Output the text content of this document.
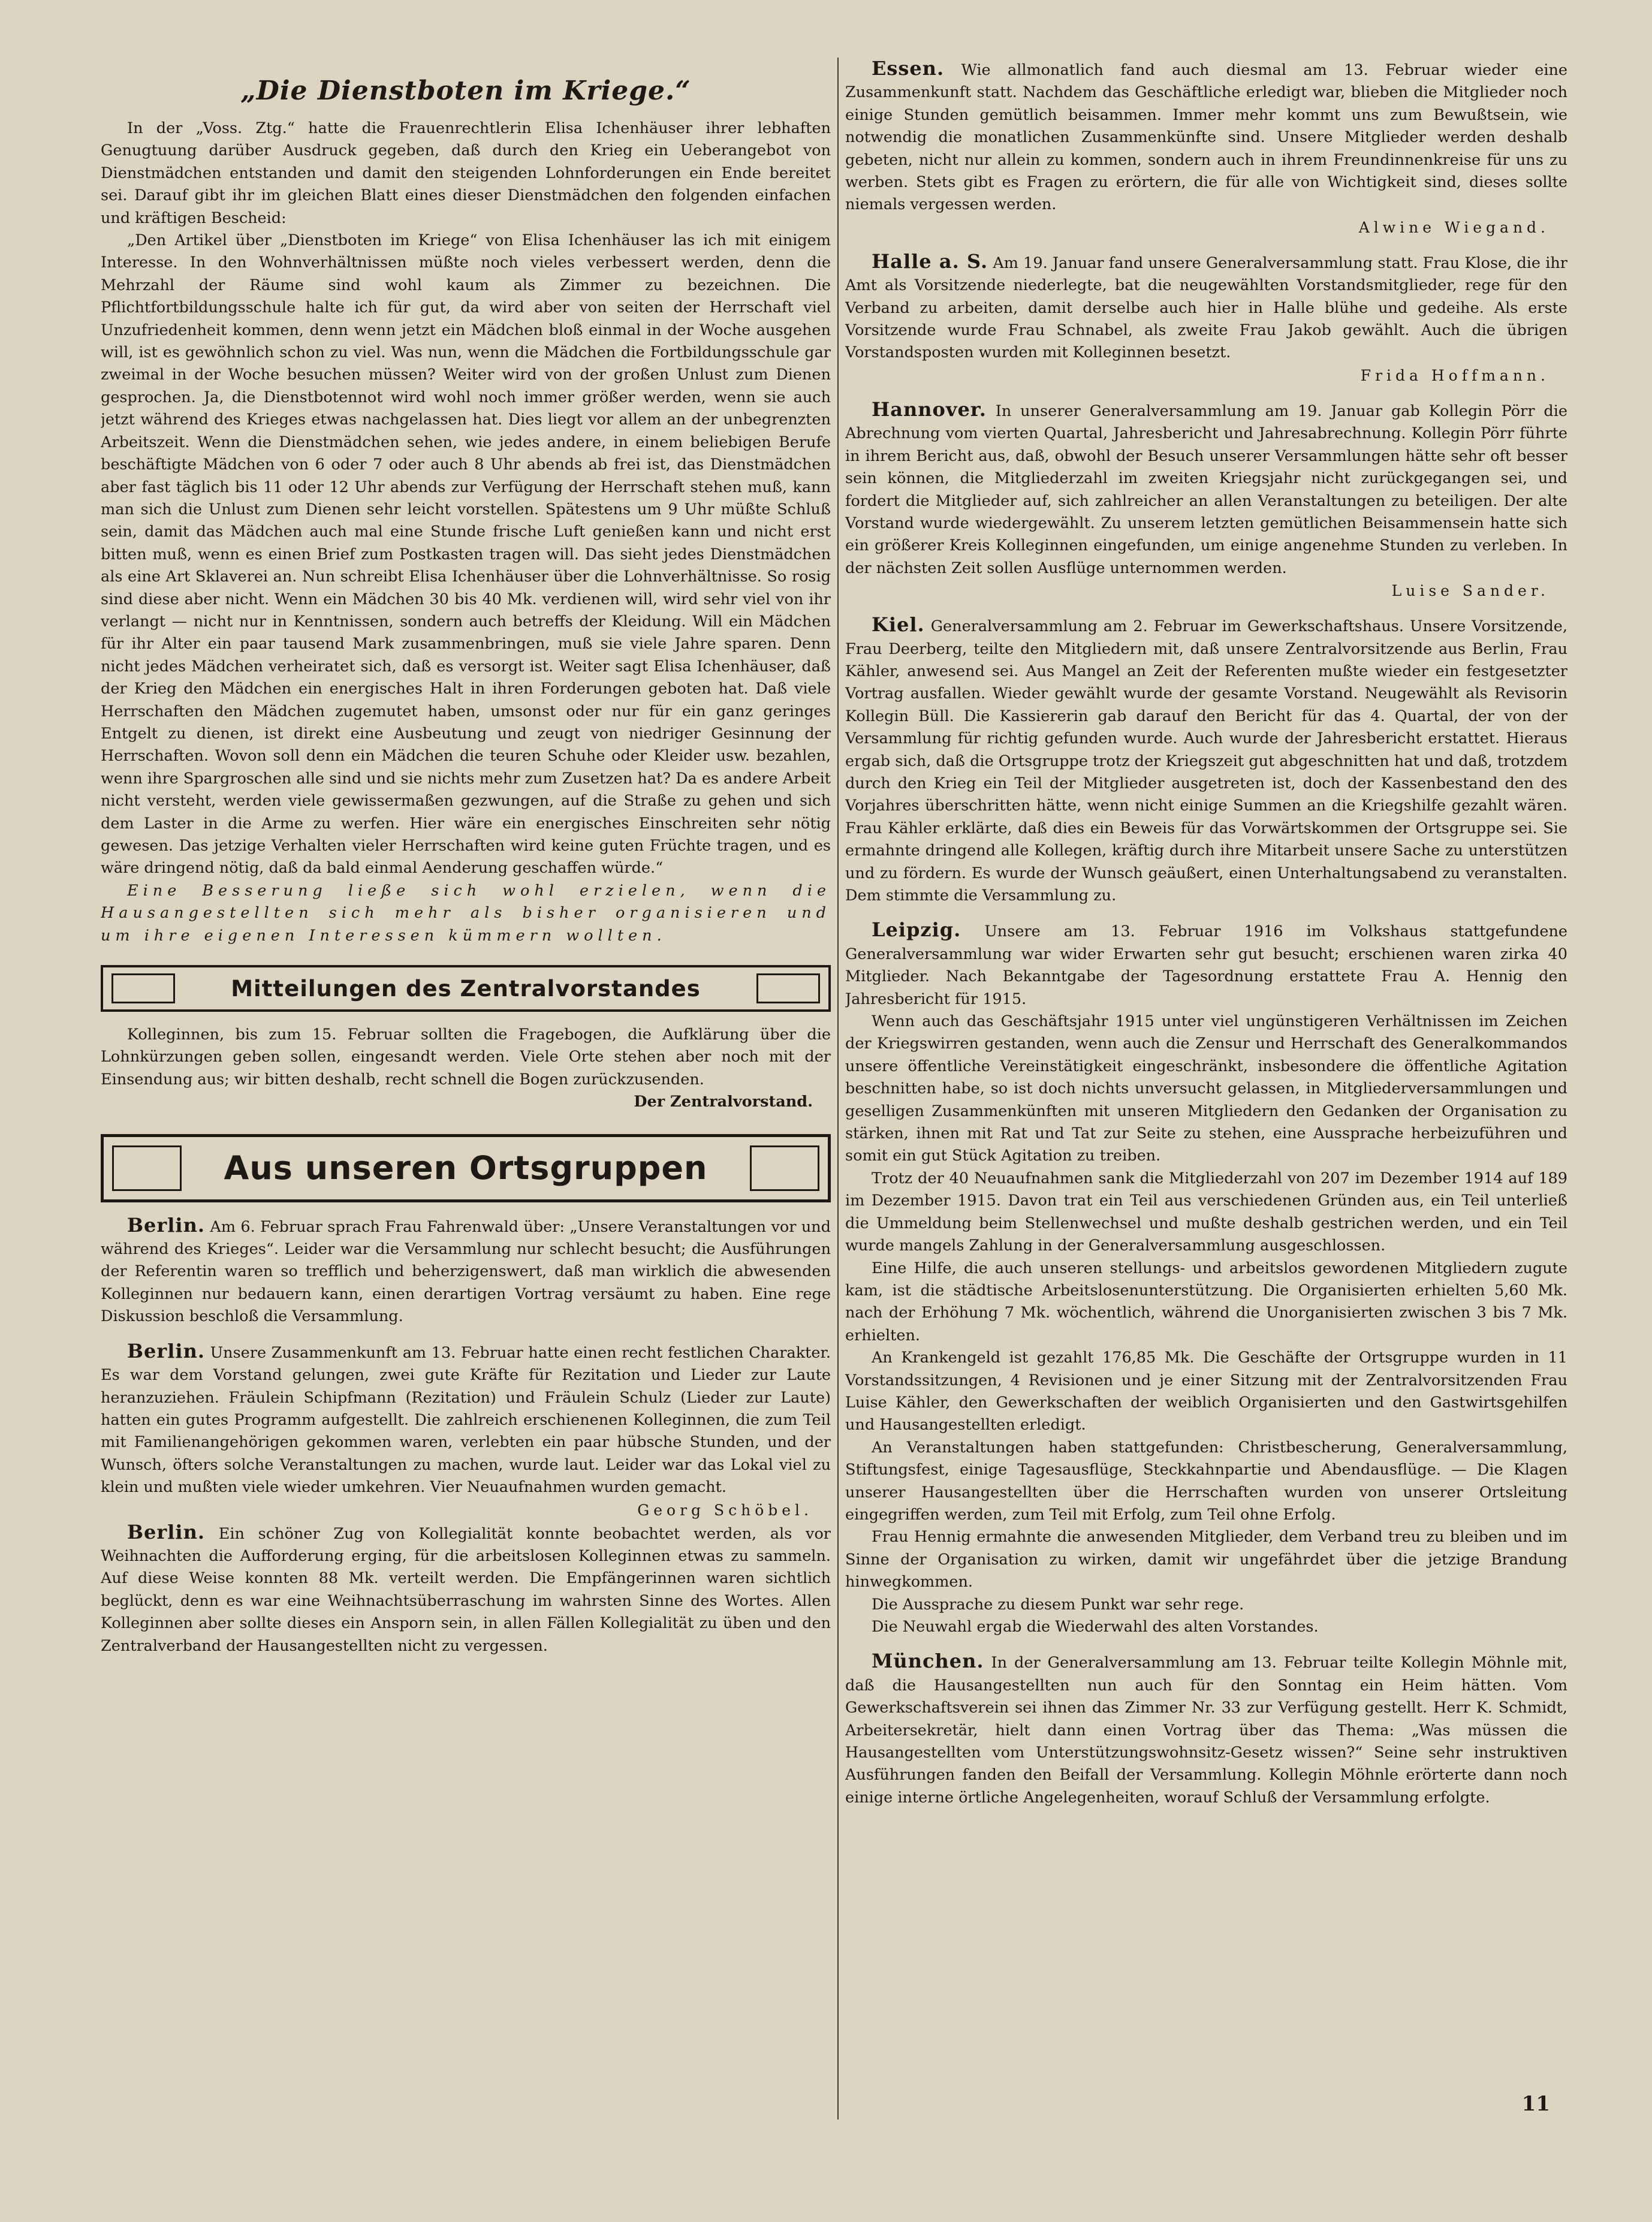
„Die Dienstboten im Kriege.“

In der „Voss. Ztg.“ hatte die Frauenrechtlerin Elisa Ichenhäuser ihrer lebhaften Genugtuung darüber Ausdruck gegeben, daß durch den Krieg ein Ueberangebot von Dienstmädchen entstanden und damit den steigenden Lohnforderungen ein Ende bereitet sei. Darauf gibt ihr im gleichen Blatt eines dieser Dienstmädchen den folgenden einfachen und kräftigen Bescheid:

„Den Artikel über „Dienstboten im Kriege“ von Elisa Ichenhäuser las ich mit einigem Interesse. In den Wohnverhältnissen müßte noch vieles verbessert werden, denn die Mehrzahl der Räume sind wohl kaum als Zimmer zu bezeichnen. Die Pflichtfortbildungsschule halte ich für gut, da wird aber von seiten der Herrschaft viel Unzufriedenheit kommen, denn wenn jetzt ein Mädchen bloß einmal in der Woche ausgehen will, ist es gewöhnlich schon zu viel. Was nun, wenn die Mädchen die Fortbildungsschule gar zweimal in der Woche besuchen müssen? Weiter wird von der großen Unlust zum Dienen gesprochen. Ja, die Dienstbotennot wird wohl noch immer größer werden, wenn sie auch jetzt während des Krieges etwas nachgelassen hat. Dies liegt vor allem an der unbegrenzten Arbeitszeit. Wenn die Dienstmädchen sehen, wie jedes andere, in einem beliebigen Berufe beschäftigte Mädchen von 6 oder 7 oder auch 8 Uhr abends ab frei ist, das Dienstmädchen aber fast täglich bis 11 oder 12 Uhr abends zur Verfügung der Herrschaft stehen muß, kann man sich die Unlust zum Dienen sehr leicht vorstellen. Spätestens um 9 Uhr müßte Schluß sein, damit das Mädchen auch mal eine Stunde frische Luft genießen kann und nicht erst bitten muß, wenn es einen Brief zum Postkasten tragen will. Das sieht jedes Dienstmädchen als eine Art Sklaverei an. Nun schreibt Elisa Ichenhäuser über die Lohnverhältnisse. So rosig sind diese aber nicht. Wenn ein Mädchen 30 bis 40 Mk. verdienen will, wird sehr viel von ihr verlangt — nicht nur in Kenntnissen, sondern auch betreffs der Kleidung. Will ein Mädchen für ihr Alter ein paar tausend Mark zusammenbringen, muß sie viele Jahre sparen. Denn nicht jedes Mädchen verheiratet sich, daß es versorgt ist. Weiter sagt Elisa Ichenhäuser, daß der Krieg den Mädchen ein energisches Halt in ihren Forderungen geboten hat. Daß viele Herrschaften den Mädchen zugemutet haben, umsonst oder nur für ein ganz geringes Entgelt zu dienen, ist direkt eine Ausbeutung und zeugt von niedriger Gesinnung der Herrschaften. Wovon soll denn ein Mädchen die teuren Schuhe oder Kleider usw. bezahlen, wenn ihre Spargroschen alle sind und sie nichts mehr zum Zusetzen hat? Da es andere Arbeit nicht versteht, werden viele gewissermaßen gezwungen, auf die Straße zu gehen und sich dem Laster in die Arme zu werfen. Hier wäre ein energisches Einschreiten sehr nötig gewesen. Das jetzige Verhalten vieler Herrschaften wird keine guten Früchte tragen, und es wäre dringend nötig, daß da bald einmal Aenderung geschaffen würde.“

Eine Besserung ließe sich wohl erzielen, wenn die Hausangestellten sich mehr als bisher organisieren und um ihre eigenen Interessen kümmern wollten.

Mitteilungen des Zentralvorstandes

Kolleginnen, bis zum 15. Februar sollten die Fragebogen, die Aufklärung über die Lohnkürzungen geben sollen, eingesandt werden. Viele Orte stehen aber noch mit der Einsendung aus; wir bitten deshalb, recht schnell die Bogen zurückzusenden.

Der Zentralvorstand.

Aus unseren Ortsgruppen

Berlin. Am 6. Februar sprach Frau Fahrenwald über: „Unsere Veranstaltungen vor und während des Krieges“. Leider war die Versammlung nur schlecht besucht; die Ausführungen der Referentin waren so trefflich und beherzigenswert, daß man wirklich die abwesenden Kolleginnen nur bedauern kann, einen derartigen Vortrag versäumt zu haben. Eine rege Diskussion beschloß die Versammlung.

Berlin. Unsere Zusammenkunft am 13. Februar hatte einen recht festlichen Charakter. Es war dem Vorstand gelungen, zwei gute Kräfte für Rezitation und Lieder zur Laute heranzuziehen. Fräulein Schipfmann (Rezitation) und Fräulein Schulz (Lieder zur Laute) hatten ein gutes Programm aufgestellt. Die zahlreich erschienenen Kolleginnen, die zum Teil mit Familienangehörigen gekommen waren, verlebten ein paar hübsche Stunden, und der Wunsch, öfters solche Veranstaltungen zu machen, wurde laut. Leider war das Lokal viel zu klein und mußten viele wieder umkehren. Vier Neuaufnahmen wurden gemacht.

Georg Schöbel.

Berlin. Ein schöner Zug von Kollegialität konnte beobachtet werden, als vor Weihnachten die Aufforderung erging, für die arbeitslosen Kolleginnen etwas zu sammeln. Auf diese Weise konnten 88 Mk. verteilt werden. Die Empfängerinnen waren sichtlich beglückt, denn es war eine Weihnachtsüberraschung im wahrsten Sinne des Wortes. Allen Kolleginnen aber sollte dieses ein Ansporn sein, in allen Fällen Kollegialität zu üben und den Zentralverband der Hausangestellten nicht zu vergessen.

Essen. Wie allmonatlich fand auch diesmal am 13. Februar wieder eine Zusammenkunft statt. Nachdem das Geschäftliche erledigt war, blieben die Mitglieder noch einige Stunden gemütlich beisammen. Immer mehr kommt uns zum Bewußtsein, wie notwendig die monatlichen Zusammenkünfte sind. Unsere Mitglieder werden deshalb gebeten, nicht nur allein zu kommen, sondern auch in ihrem Freundinnenkreise für uns zu werben. Stets gibt es Fragen zu erörtern, die für alle von Wichtigkeit sind, dieses sollte niemals vergessen werden.

Alwine Wiegand.

Halle a. S. Am 19. Januar fand unsere Generalversammlung statt. Frau Klose, die ihr Amt als Vorsitzende niederlegte, bat die neugewählten Vorstandsmitglieder, rege für den Verband zu arbeiten, damit derselbe auch hier in Halle blühe und gedeihe. Als erste Vorsitzende wurde Frau Schnabel, als zweite Frau Jakob gewählt. Auch die übrigen Vorstandsposten wurden mit Kolleginnen besetzt.

Frida Hoffmann.

Hannover. In unserer Generalversammlung am 19. Januar gab Kollegin Pörr die Abrechnung vom vierten Quartal, Jahresbericht und Jahresabrechnung. Kollegin Pörr führte in ihrem Bericht aus, daß, obwohl der Besuch unserer Versammlungen hätte sehr oft besser sein können, die Mitgliederzahl im zweiten Kriegsjahr nicht zurückgegangen sei, und fordert die Mitglieder auf, sich zahlreicher an allen Veranstaltungen zu beteiligen. Der alte Vorstand wurde wiedergewählt. Zu unserem letzten gemütlichen Beisammensein hatte sich ein größerer Kreis Kolleginnen eingefunden, um einige angenehme Stunden zu verleben. In der nächsten Zeit sollen Ausflüge unternommen werden.

Luise Sander.

Kiel. Generalversammlung am 2. Februar im Gewerkschaftshaus. Unsere Vorsitzende, Frau Deerberg, teilte den Mitgliedern mit, daß unsere Zentralvorsitzende aus Berlin, Frau Kähler, anwesend sei. Aus Mangel an Zeit der Referenten mußte wieder ein festgesetzter Vortrag ausfallen. Wieder gewählt wurde der gesamte Vorstand. Neugewählt als Revisorin Kollegin Büll. Die Kassiererin gab darauf den Bericht für das 4. Quartal, der von der Versammlung für richtig gefunden wurde. Auch wurde der Jahresbericht erstattet. Hieraus ergab sich, daß die Ortsgruppe trotz der Kriegszeit gut abgeschnitten hat und daß, trotzdem durch den Krieg ein Teil der Mitglieder ausgetreten ist, doch der Kassenbestand den des Vorjahres überschritten hätte, wenn nicht einige Summen an die Kriegshilfe gezahlt wären. Frau Kähler erklärte, daß dies ein Beweis für das Vorwärtskommen der Ortsgruppe sei. Sie ermahnte dringend alle Kollegen, kräftig durch ihre Mitarbeit unsere Sache zu unterstützen und zu fördern. Es wurde der Wunsch geäußert, einen Unterhaltungsabend zu veranstalten. Dem stimmte die Versammlung zu.

Leipzig. Unsere am 13. Februar 1916 im Volkshaus stattgefundene Generalversammlung war wider Erwarten sehr gut besucht; erschienen waren zirka 40 Mitglieder. Nach Bekanntgabe der Tagesordnung erstattete Frau A. Hennig den Jahresbericht für 1915.

Wenn auch das Geschäftsjahr 1915 unter viel ungünstigeren Verhältnissen im Zeichen der Kriegswirren gestanden, wenn auch die Zensur und Herrschaft des Generalkommandos unsere öffentliche Vereinstätigkeit eingeschränkt, insbesondere die öffentliche Agitation beschnitten habe, so ist doch nichts unversucht gelassen, in Mitgliederversammlungen und geselligen Zusammenkünften mit unseren Mitgliedern den Gedanken der Organisation zu stärken, ihnen mit Rat und Tat zur Seite zu stehen, eine Aussprache herbeizuführen und somit ein gut Stück Agitation zu treiben.

Trotz der 40 Neuaufnahmen sank die Mitgliederzahl von 207 im Dezember 1914 auf 189 im Dezember 1915. Davon trat ein Teil aus verschiedenen Gründen aus, ein Teil unterließ die Ummeldung beim Stellenwechsel und mußte deshalb gestrichen werden, und ein Teil wurde mangels Zahlung in der Generalversammlung ausgeschlossen.

Eine Hilfe, die auch unseren stellungs- und arbeitslos gewordenen Mitgliedern zugute kam, ist die städtische Arbeitslosenunterstützung. Die Organisierten erhielten 5,60 Mk. nach der Erhöhung 7 Mk. wöchentlich, während die Unorganisierten zwischen 3 bis 7 Mk. erhielten.

An Krankengeld ist gezahlt 176,85 Mk. Die Geschäfte der Ortsgruppe wurden in 11 Vorstandssitzungen, 4 Revisionen und je einer Sitzung mit der Zentralvorsitzenden Frau Luise Kähler, den Gewerkschaften der weiblich Organisierten und den Gastwirtsgehilfen und Hausangestellten erledigt.

An Veranstaltungen haben stattgefunden: Christbescherung, Generalversammlung, Stiftungsfest, einige Tagesausflüge, Steckkahnpartie und Abendausflüge. — Die Klagen unserer Hausangestellten über die Herrschaften wurden von unserer Ortsleitung eingegriffen werden, zum Teil mit Erfolg, zum Teil ohne Erfolg.

Frau Hennig ermahnte die anwesenden Mitglieder, dem Verband treu zu bleiben und im Sinne der Organisation zu wirken, damit wir ungefährdet über die jetzige Brandung hinwegkommen.

Die Aussprache zu diesem Punkt war sehr rege.

Die Neuwahl ergab die Wiederwahl des alten Vorstandes.

München. In der Generalversammlung am 13. Februar teilte Kollegin Möhnle mit, daß die Hausangestellten nun auch für den Sonntag ein Heim hätten. Vom Gewerkschaftsverein sei ihnen das Zimmer Nr. 33 zur Verfügung gestellt. Herr K. Schmidt, Arbeitersekretär, hielt dann einen Vortrag über das Thema: „Was müssen die Hausangestellten vom Unterstützungswohnsitz-Gesetz wissen?“ Seine sehr instruktiven Ausführungen fanden den Beifall der Versammlung. Kollegin Möhnle erörterte dann noch einige interne örtliche Angelegenheiten, worauf Schluß der Versammlung erfolgte.

11
